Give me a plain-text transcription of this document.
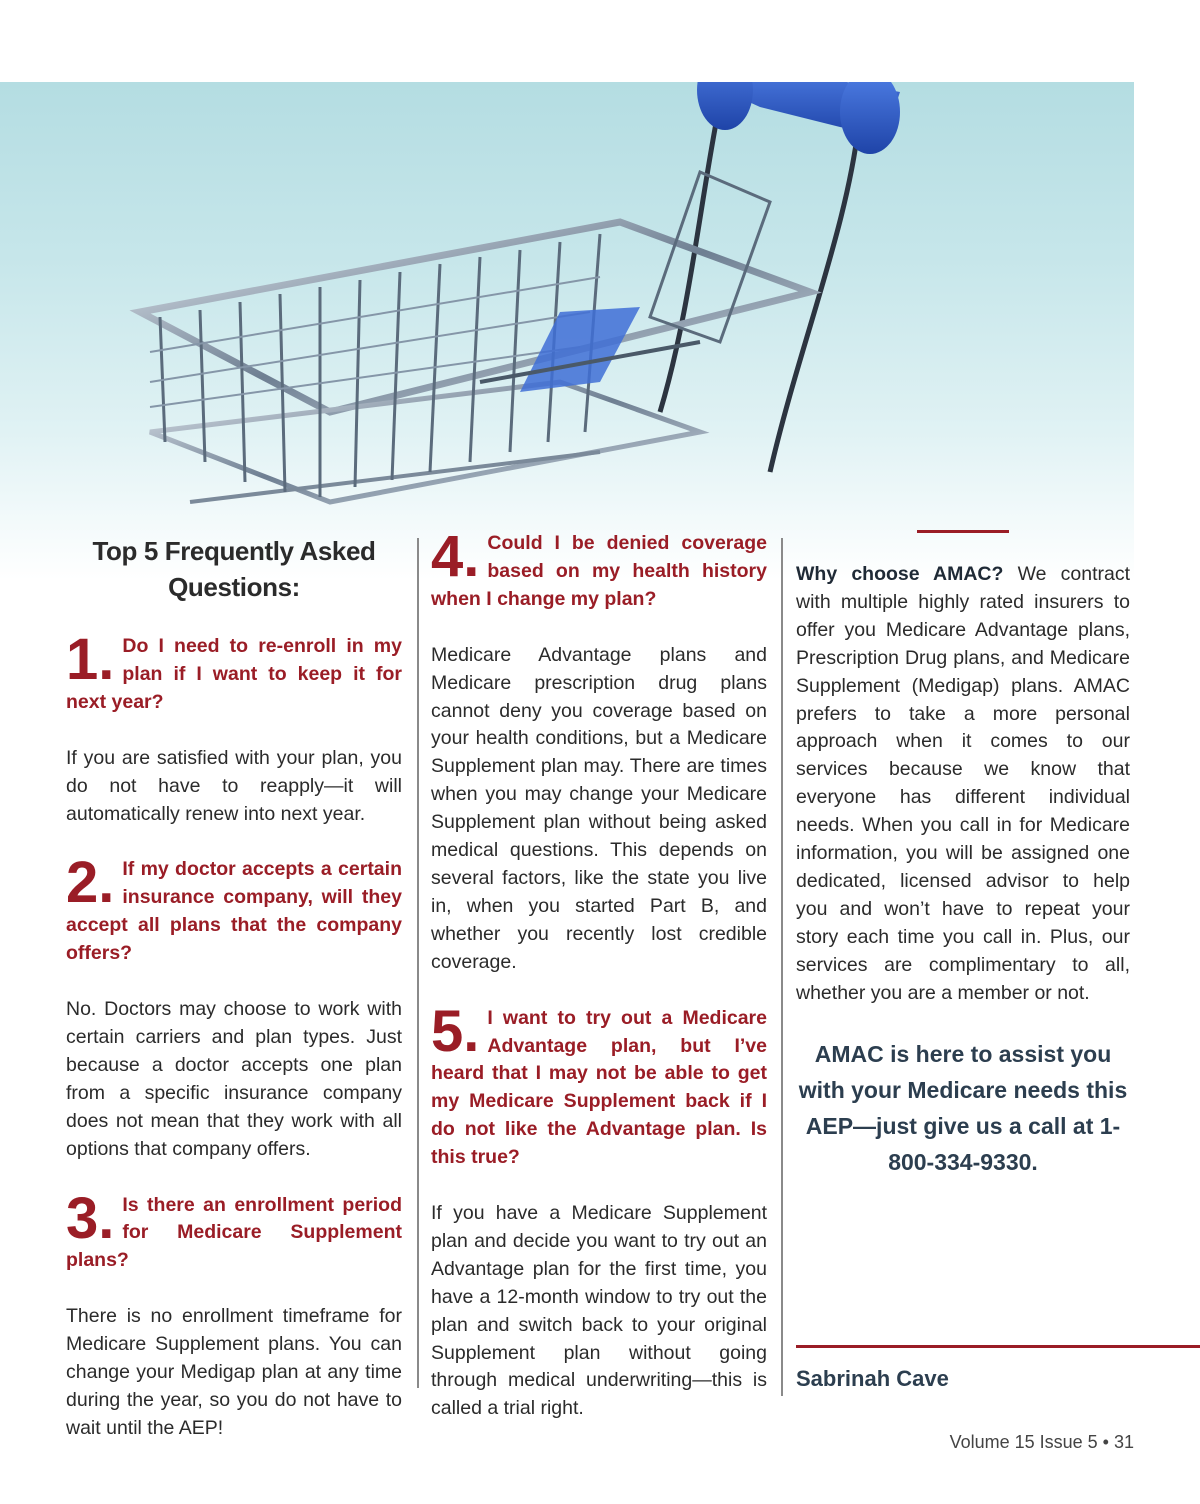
Top 5 Frequently Asked Questions:

1. Do I need to re-enroll in my plan if I want to keep it for next year?

If you are satisfied with your plan, you do not have to reapply—it will automatically renew into next year.

2. If my doctor accepts a certain insurance company, will they accept all plans that the company offers?

No. Doctors may choose to work with certain carriers and plan types. Just because a doctor accepts one plan from a specific insurance company does not mean that they work with all options that company offers.

3. Is there an enrollment period for Medicare Supplement plans?

There is no enrollment timeframe for Medicare Supplement plans. You can change your Medigap plan at any time during the year, so you do not have to wait until the AEP!

4. Could I be denied coverage based on my health history when I change my plan?

Medicare Advantage plans and Medicare prescription drug plans cannot deny you coverage based on your health conditions, but a Medicare Supplement plan may. There are times when you may change your Medicare Supplement plan without being asked medical questions. This depends on several factors, like the state you live in, when you started Part B, and whether you recently lost credible coverage.

5. I want to try out a Medicare Advantage plan, but I’ve heard that I may not be able to get my Medicare Supplement back if I do not like the Advantage plan. Is this true?

If you have a Medicare Supplement plan and decide you want to try out an Advantage plan for the first time, you have a 12-month window to try out the plan and switch back to your original Supplement plan without going through medical underwriting—this is called a trial right.

Why choose AMAC? We contract with multiple highly rated insurers to offer you Medicare Advantage plans, Prescription Drug plans, and Medicare Supplement (Medigap) plans. AMAC prefers to take a more personal approach when it comes to our services because we know that everyone has different individual needs. When you call in for Medicare information, you will be assigned one dedicated, licensed advisor to help you and won’t have to repeat your story each time you call in. Plus, our services are complimentary to all, whether you are a member or not.

AMAC is here to assist you with your Medicare needs this AEP—just give us a call at 1-800-334-9330.

Sabrinah Cave
Volume 15 Issue 5 • 31
